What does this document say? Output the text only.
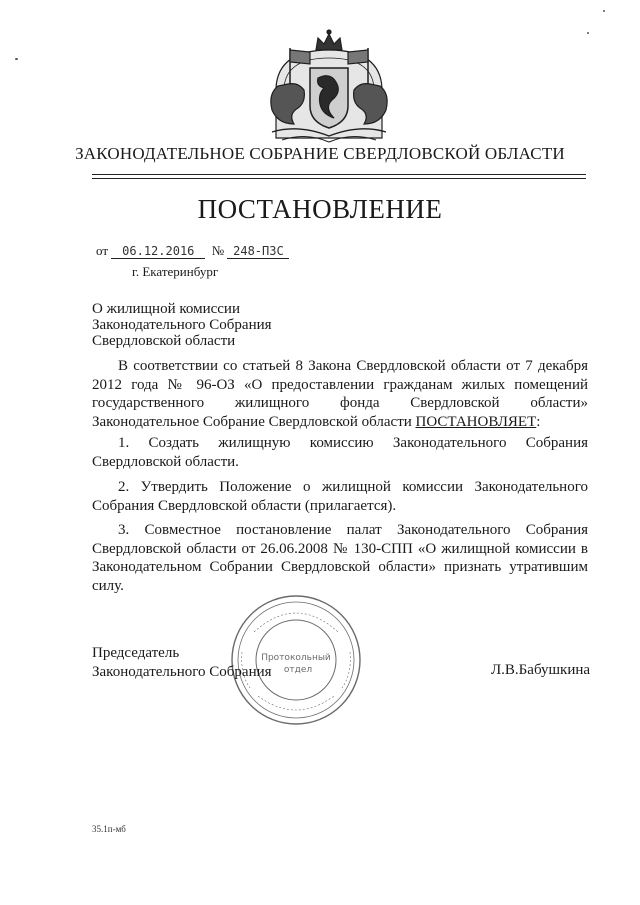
ЗАКОНОДАТЕЛЬНОЕ СОБРАНИЕ СВЕРДЛОВСКОЙ ОБЛАСТИ
ПОСТАНОВЛЕНИЕ
от 06.12.2016 № 248-ПЗС
г. Екатеринбург
О жилищной комиссии
Законодательного Собрания
Свердловской области
В соответствии со статьей 8 Закона Свердловской области от 7 декабря 2012 года № 96-ОЗ «О предоставлении гражданам жилых помещений государственного жилищного фонда Свердловской области» Законодательное Собрание Свердловской области ПОСТАНОВЛЯЕТ:
1. Создать жилищную комиссию Законодательного Собрания Свердловской области.
2. Утвердить Положение о жилищной комиссии Законодательного Собрания Свердловской области (прилагается).
3. Совместное постановление палат Законодательного Собрания Свердловской области от 26.06.2008 № 130-СПП «О жилищной комиссии в Законодательном Собрании Свердловской области» признать утратившим силу.
Протокольный
отдел
Председатель
Законодательного Собрания	Л.В.Бабушкина
35.1п-мб
